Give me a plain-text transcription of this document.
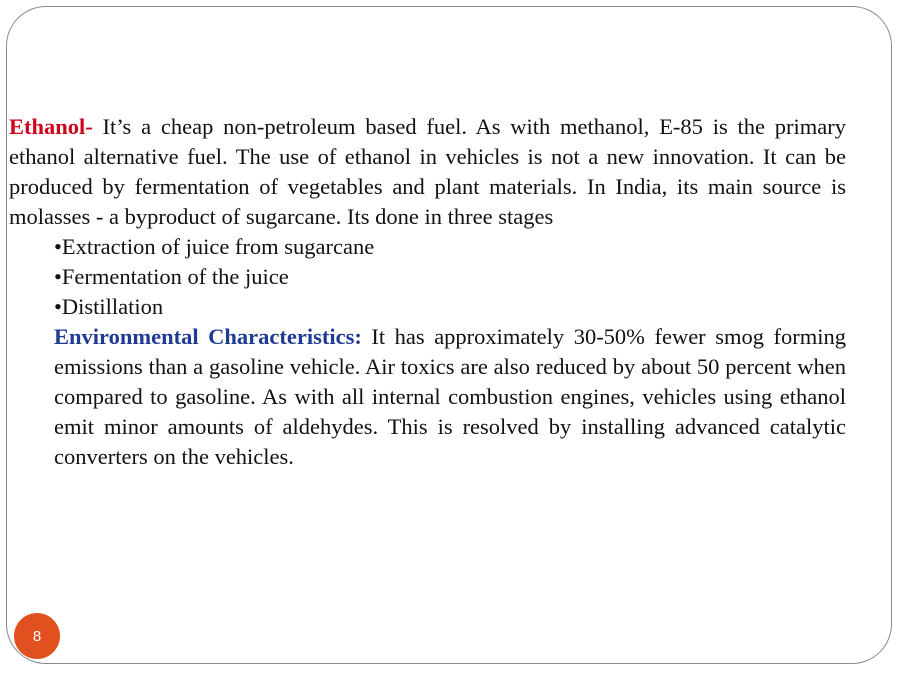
Ethanol- It’s a cheap non-petroleum based fuel. As with methanol, E-85 is the primary ethanol alternative fuel. The use of ethanol in vehicles is not a new innovation. It can be produced by fermentation of vegetables and plant materials. In India, its main source is molasses - a byproduct of sugarcane. Its done in three stages

•Extraction of juice from sugarcane
•Fermentation of the juice
•Distillation

Environmental Characteristics: It has approximately 30-50% fewer smog forming emissions than a gasoline vehicle. Air toxics are also reduced by about 50 percent when compared to gasoline. As with all internal combustion engines, vehicles using ethanol emit minor amounts of aldehydes. This is resolved by installing advanced catalytic converters on the vehicles.

8
